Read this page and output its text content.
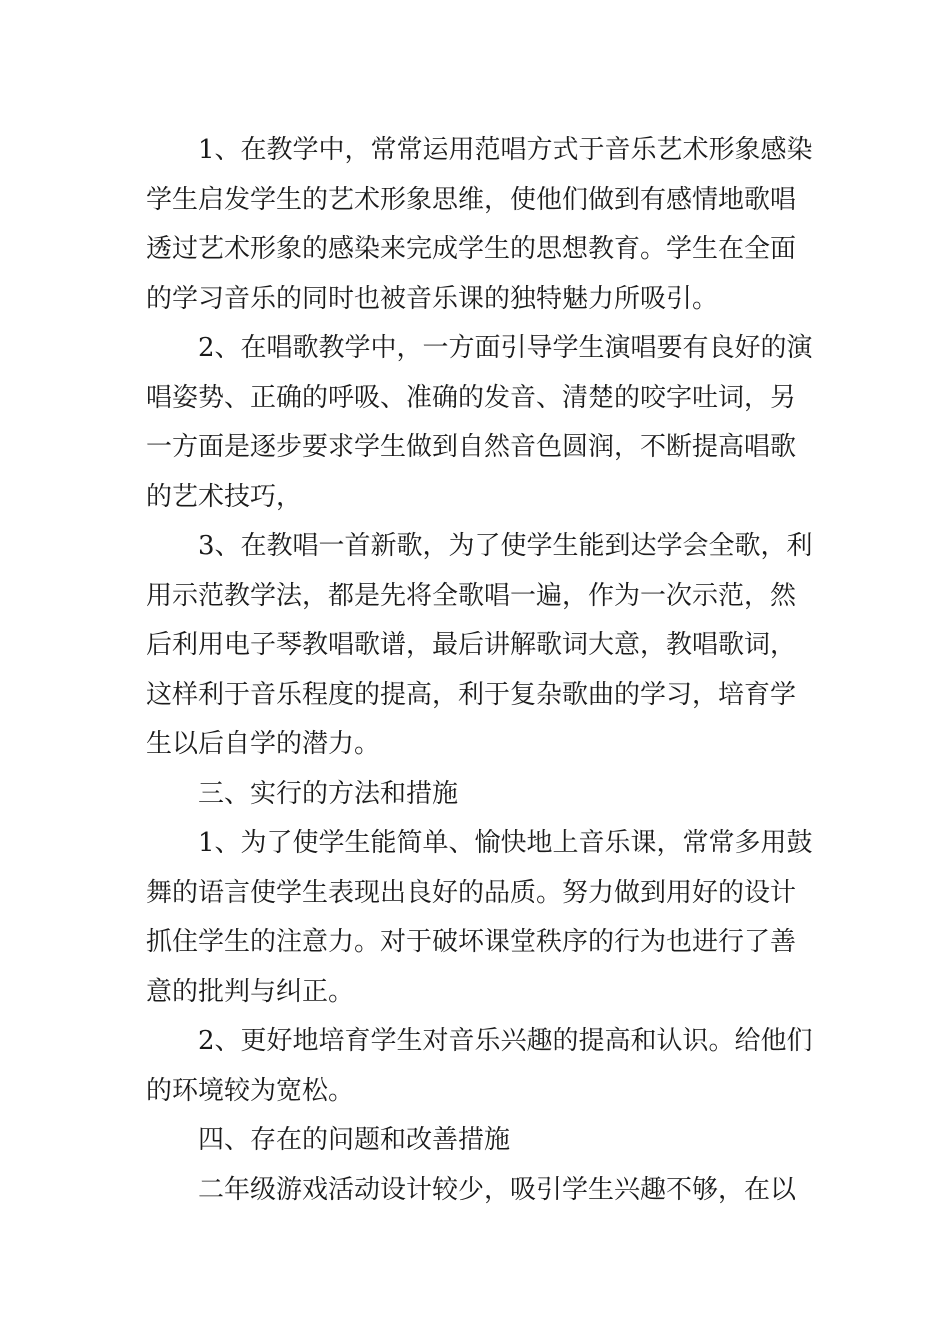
1、在教学中，常常运用范唱方式于音乐艺术形象感染
学生启发学生的艺术形象思维，使他们做到有感情地歌唱
透过艺术形象的感染来完成学生的思想教育。学生在全面
的学习音乐的同时也被音乐课的独特魅力所吸引。
2、在唱歌教学中，一方面引导学生演唱要有良好的演
唱姿势、正确的呼吸、准确的发音、清楚的咬字吐词，另
一方面是逐步要求学生做到自然音色圆润，不断提高唱歌
的艺术技巧，
3、在教唱一首新歌，为了使学生能到达学会全歌，利
用示范教学法，都是先将全歌唱一遍，作为一次示范，然
后利用电子琴教唱歌谱，最后讲解歌词大意，教唱歌词，
这样利于音乐程度的提高，利于复杂歌曲的学习，培育学
生以后自学的潜力。
三、实行的方法和措施
1、为了使学生能简单、愉快地上音乐课，常常多用鼓
舞的语言使学生表现出良好的品质。努力做到用好的设计
抓住学生的注意力。对于破坏课堂秩序的行为也进行了善
意的批判与纠正。
2、更好地培育学生对音乐兴趣的提高和认识。给他们
的环境较为宽松。
四、存在的问题和改善措施
二年级游戏活动设计较少，吸引学生兴趣不够，在以
